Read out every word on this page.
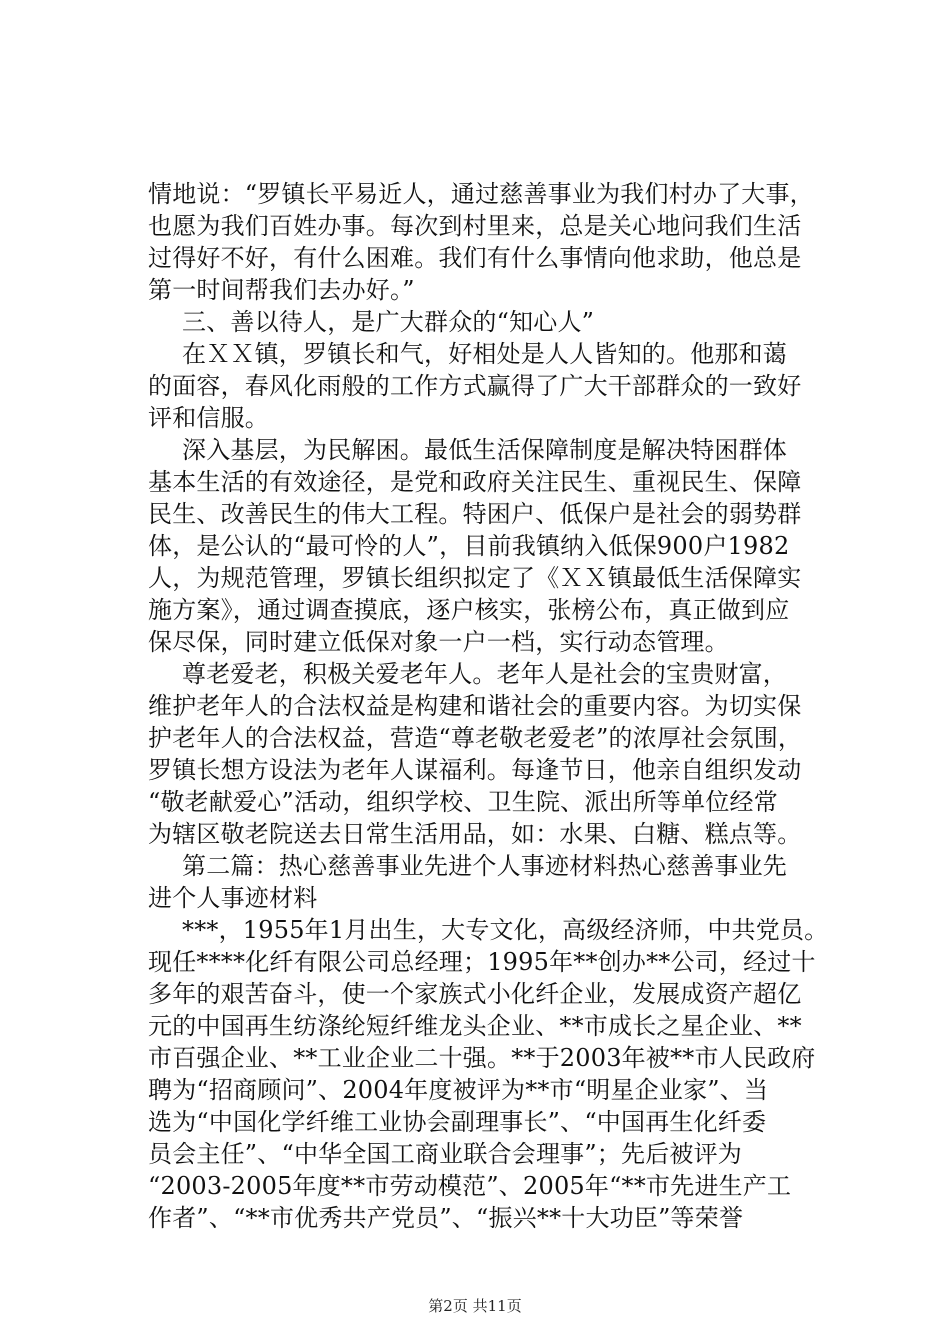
情地说：“罗镇长平易近人，通过慈善事业为我们村办了大事，
也愿为我们百姓办事。每次到村里来，总是关心地问我们生活
过得好不好，有什么困难。我们有什么事情向他求助，他总是
第一时间帮我们去办好。”
三、善以待人，是广大群众的“知心人”
在ＸＸ镇，罗镇长和气，好相处是人人皆知的。他那和蔼
的面容，春风化雨般的工作方式赢得了广大干部群众的一致好
评和信服。
深入基层，为民解困。最低生活保障制度是解决特困群体
基本生活的有效途径，是党和政府关注民生、重视民生、保障
民生、改善民生的伟大工程。特困户、低保户是社会的弱势群
体，是公认的“最可怜的人”，目前我镇纳入低保900户1982
人，为规范管理，罗镇长组织拟定了《ＸＸ镇最低生活保障实
施方案》，通过调查摸底，逐户核实，张榜公布，真正做到应
保尽保，同时建立低保对象一户一档，实行动态管理。
尊老爱老，积极关爱老年人。老年人是社会的宝贵财富，
维护老年人的合法权益是构建和谐社会的重要内容。为切实保
护老年人的合法权益，营造“尊老敬老爱老”的浓厚社会氛围，
罗镇长想方设法为老年人谋福利。每逢节日，他亲自组织发动
“敬老献爱心”活动，组织学校、卫生院、派出所等单位经常
为辖区敬老院送去日常生活用品，如：水果、白糖、糕点等。
第二篇：热心慈善事业先进个人事迹材料热心慈善事业先
进个人事迹材料
***，1955年1月出生，大专文化，高级经济师，中共党员。
现任****化纤有限公司总经理；1995年**创办**公司，经过十
多年的艰苦奋斗，使一个家族式小化纤企业，发展成资产超亿
元的中国再生纺涤纶短纤维龙头企业、**市成长之星企业、**
市百强企业、**工业企业二十强。**于2003年被**市人民政府
聘为“招商顾问”、2004年度被评为**市“明星企业家”、当
选为“中国化学纤维工业协会副理事长”、“中国再生化纤委
员会主任”、“中华全国工商业联合会理事”；先后被评为
“2003-2005年度**市劳动模范”、2005年“**市先进生产工
作者”、“**市优秀共产党员”、“振兴**十大功臣”等荣誉
第2页 共11页
